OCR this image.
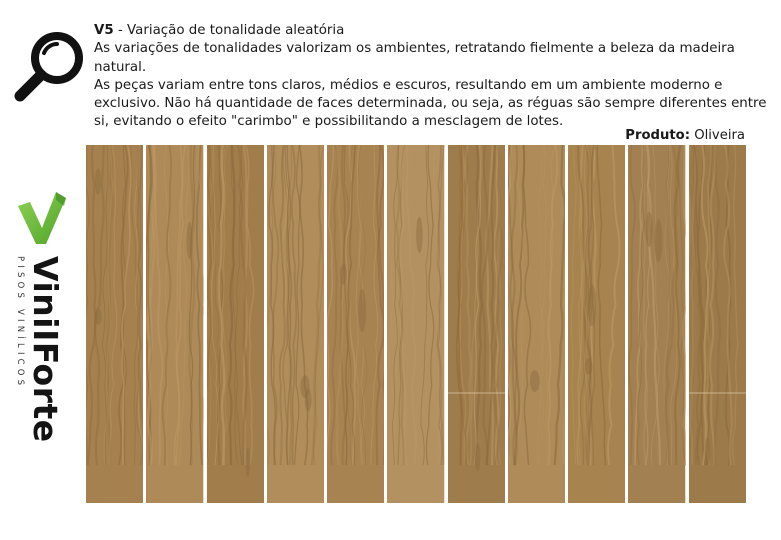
V5 - Variação de tonalidade aleatória
As variações de tonalidades valorizam os ambientes, retratando fielmente a beleza da madeira natural.
As peças variam entre tons claros, médios e escuros, resultando em um ambiente moderno e exclusivo. Não há quantidade de faces determinada, ou seja, as réguas são sempre diferentes entre si, evitando o efeito "carimbo" e possibilitando a mesclagem de lotes.
Produto: Oliveira
ViniIForte
PISOS VINÍLICOS
